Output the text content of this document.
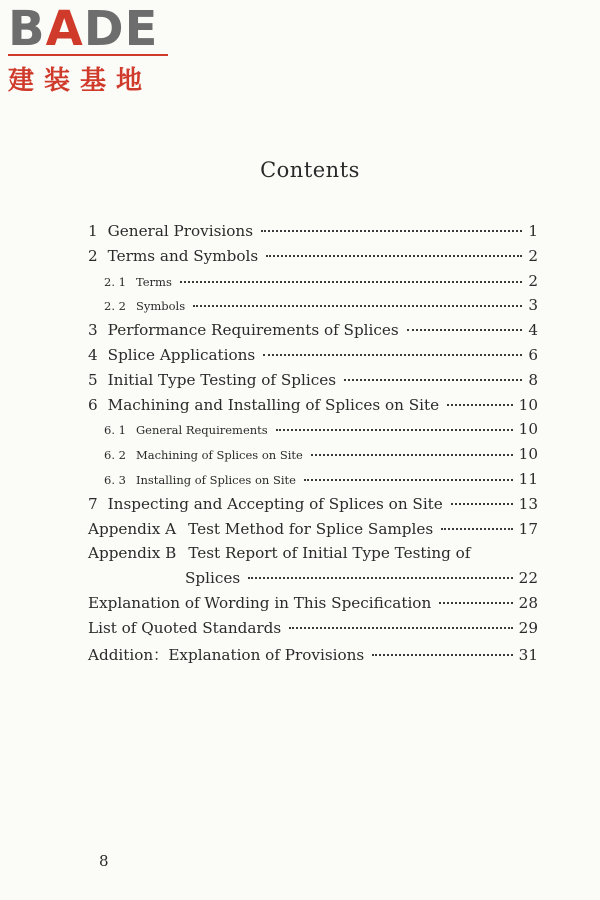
BADE
建装基地
Contents
1 General Provisions	1
2 Terms and Symbols	2
2. 1 Terms	2
2. 2 Symbols	3
3 Performance Requirements of Splices	4
4 Splice Applications	6
5 Initial Type Testing of Splices	8
6 Machining and Installing of Splices on Site	10
6. 1 General Requirements	10
6. 2 Machining of Splices on Site	10
6. 3 Installing of Splices on Site	11
7 Inspecting and Accepting of Splices on Site	13
Appendix A Test Method for Splice Samples	17
Appendix B Test Report of Initial Type Testing of
Splices	22
Explanation of Wording in This Specification	28
List of Quoted Standards	29
Addition：Explanation of Provisions	31
8
